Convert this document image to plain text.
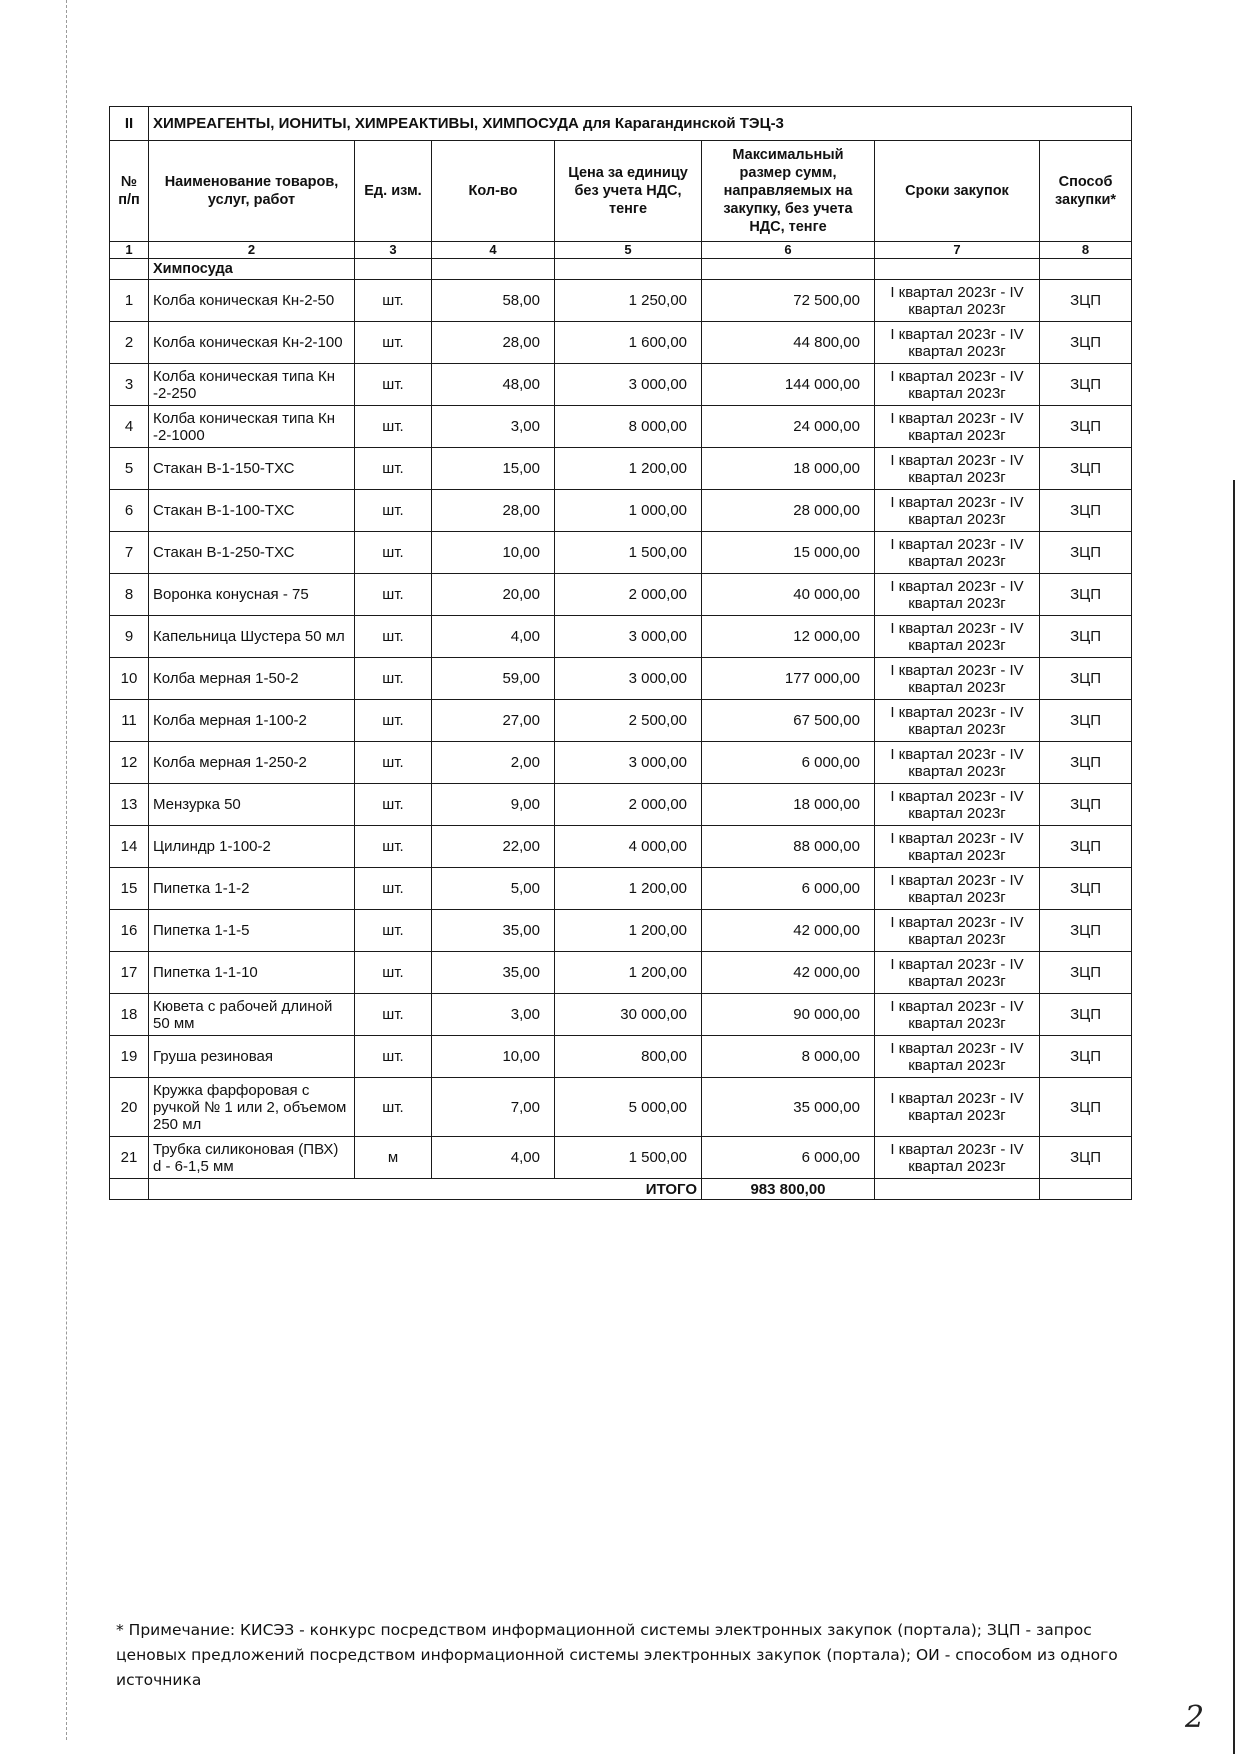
II	ХИМРЕАГЕНТЫ, ИОНИТЫ, ХИМРЕАКТИВЫ, ХИМПОСУДА для Карагандинской ТЭЦ-3						
№ п/п	Наименование товаров, услуг, работ	Ед. изм.	Кол-во	Цена за единицу без учета НДС, тенге	Максимальный размер сумм, направляемых на закупку, без учета НДС, тенге	Сроки закупок	Способ закупки*
1	2	3	4	5	6	7	8
	Химпосуда						
1	Колба коническая Кн-2-50	шт.	58,00	1 250,00	72 500,00	I квартал 2023г - IV квартал 2023г	ЗЦП
2	Колба коническая Кн-2-100	шт.	28,00	1 600,00	44 800,00	I квартал 2023г - IV квартал 2023г	ЗЦП
3	Колба коническая типа Кн -2-250	шт.	48,00	3 000,00	144 000,00	I квартал 2023г - IV квартал 2023г	ЗЦП
4	Колба коническая типа Кн -2-1000	шт.	3,00	8 000,00	24 000,00	I квартал 2023г - IV квартал 2023г	ЗЦП
5	Стакан В-1-150-ТХС	шт.	15,00	1 200,00	18 000,00	I квартал 2023г - IV квартал 2023г	ЗЦП
6	Стакан В-1-100-ТХС	шт.	28,00	1 000,00	28 000,00	I квартал 2023г - IV квартал 2023г	ЗЦП
7	Стакан В-1-250-ТХС	шт.	10,00	1 500,00	15 000,00	I квартал 2023г - IV квартал 2023г	ЗЦП
8	Воронка конусная - 75	шт.	20,00	2 000,00	40 000,00	I квартал 2023г - IV квартал 2023г	ЗЦП
9	Капельница Шустера 50 мл	шт.	4,00	3 000,00	12 000,00	I квартал 2023г - IV квартал 2023г	ЗЦП
10	Колба мерная 1-50-2	шт.	59,00	3 000,00	177 000,00	I квартал 2023г - IV квартал 2023г	ЗЦП
11	Колба мерная 1-100-2	шт.	27,00	2 500,00	67 500,00	I квартал 2023г - IV квартал 2023г	ЗЦП
12	Колба мерная 1-250-2	шт.	2,00	3 000,00	6 000,00	I квартал 2023г - IV квартал 2023г	ЗЦП
13	Мензурка 50	шт.	9,00	2 000,00	18 000,00	I квартал 2023г - IV квартал 2023г	ЗЦП
14	Цилиндр 1-100-2	шт.	22,00	4 000,00	88 000,00	I квартал 2023г - IV квартал 2023г	ЗЦП
15	Пипетка 1-1-2	шт.	5,00	1 200,00	6 000,00	I квартал 2023г - IV квартал 2023г	ЗЦП
16	Пипетка 1-1-5	шт.	35,00	1 200,00	42 000,00	I квартал 2023г - IV квартал 2023г	ЗЦП
17	Пипетка 1-1-10	шт.	35,00	1 200,00	42 000,00	I квартал 2023г - IV квартал 2023г	ЗЦП
18	Кювета с рабочей длиной 50 мм	шт.	3,00	30 000,00	90 000,00	I квартал 2023г - IV квартал 2023г	ЗЦП
19	Груша резиновая	шт.	10,00	800,00	8 000,00	I квартал 2023г - IV квартал 2023г	ЗЦП
20	Кружка фарфоровая с ручкой № 1 или 2, объемом 250 мл	шт.	7,00	5 000,00	35 000,00	I квартал 2023г - IV квартал 2023г	ЗЦП
21	Трубка силиконовая (ПВХ) d - 6-1,5 мм	м	4,00	1 500,00	6 000,00	I квартал 2023г - IV квартал 2023г	ЗЦП
	ИТОГО				983 800,00		
* Примечание: КИСЭЗ - конкурс посредством информационной системы электронных закупок (портала); ЗЦП - запрос ценовых предложений посредством информационной системы электронных закупок (портала); ОИ - способом из одного источника
2
